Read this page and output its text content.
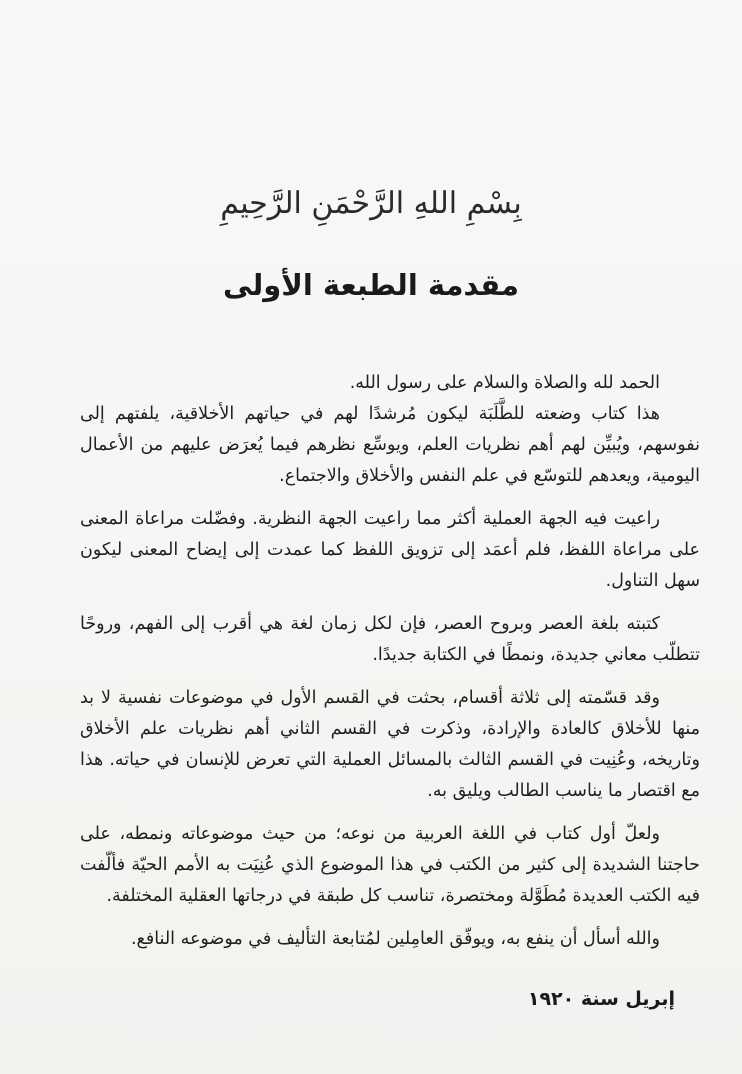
بِسْمِ اللهِ الرَّحْمَنِ الرَّحِيمِ
مقدمة الطبعة الأولى

الحمد لله والصلاة والسلام على رسول الله.

هذا كتاب وضعته للطَّلَبَة ليكون مُرشدًا لهم في حياتهم الأخلاقية، يلفتهم إلى نفوسهم، ويُبيِّن لهم أهم نظريات العلم، ويوسِّع نظرهم فيما يُعرَض عليهم من الأعمال اليومية، ويعدهم للتوسّع في علم النفس والأخلاق والاجتماع.

راعيت فيه الجهة العملية أكثر مما راعيت الجهة النظرية. وفضّلت مراعاة المعنى على مراعاة اللفظ، فلم أعمَد إلى تزويق اللفظ كما عمدت إلى إيضاح المعنى ليكون سهل التناول.

كتبته بلغة العصر وبروح العصر، فإن لكل زمان لغة هي أقرب إلى الفهم، وروحًا تتطلّب معاني جديدة، ونمطًا في الكتابة جديدًا.

وقد قسّمته إلى ثلاثة أقسام، بحثت في القسم الأول في موضوعات نفسية لا بد منها للأخلاق كالعادة والإرادة، وذكرت في القسم الثاني أهم نظريات علم الأخلاق وتاريخه، وعُنِيت في القسم الثالث بالمسائل العملية التي تعرض للإنسان في حياته. هذا مع اقتصار ما يناسب الطالب ويليق به.

ولعلّ أول كتاب في اللغة العربية من نوعه؛ من حيث موضوعاته ونمطه، على حاجتنا الشديدة إلى كثير من الكتب في هذا الموضوع الذي عُنِيَت به الأمم الحيّة فألّفت فيه الكتب العديدة مُطَوَّلة ومختصرة، تناسب كل طبقة في درجاتها العقلية المختلفة.

والله أسأل أن ينفع به، ويوفّق العامِلين لمُتابعة التأليف في موضوعه النافع.

إبريل سنة ١٩٢٠
